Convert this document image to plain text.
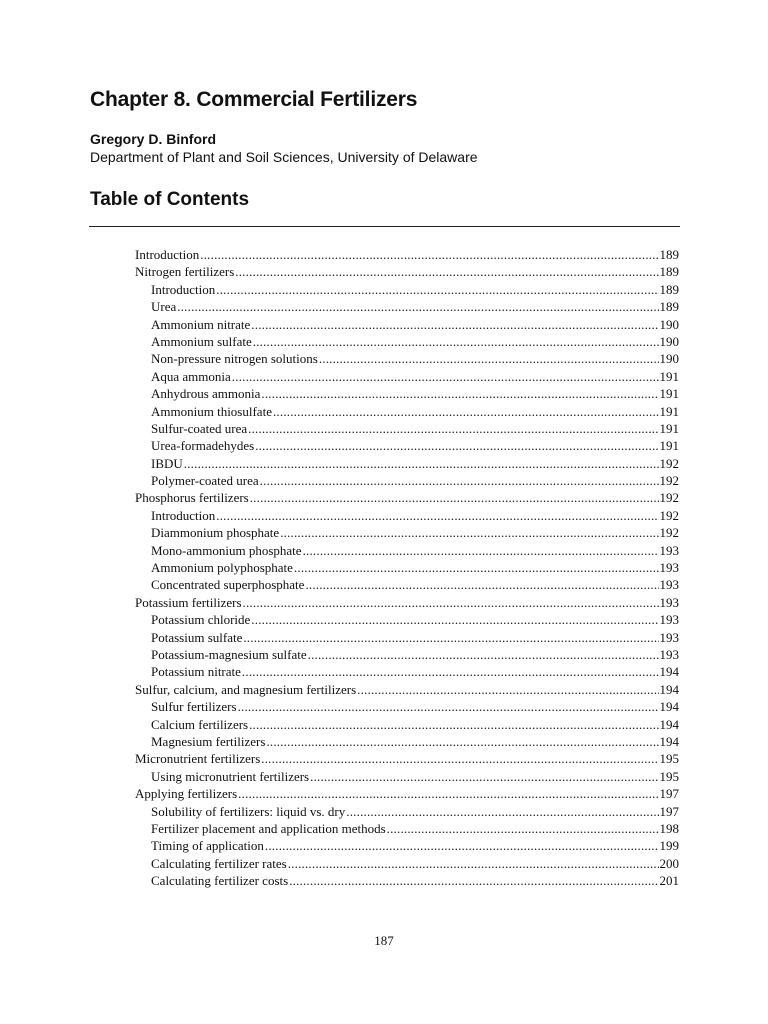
Chapter 8. Commercial Fertilizers

Gregory D. Binford

Department of Plant and Soil Sciences, University of Delaware

Table of Contents
Introduction .....	189
Nitrogen fertilizers .....	189
Introduction .....	189
Urea .....	189
Ammonium nitrate .....	190
Ammonium sulfate .....	190
Non-pressure nitrogen solutions .....	190
Aqua ammonia .....	191
Anhydrous ammonia .....	191
Ammonium thiosulfate .....	191
Sulfur-coated urea .....	191
Urea-formadehydes .....	191
IBDU .....	192
Polymer-coated urea .....	192
Phosphorus fertilizers .....	192
Introduction .....	192
Diammonium phosphate .....	192
Mono-ammonium phosphate .....	193
Ammonium polyphosphate .....	193
Concentrated superphosphate .....	193
Potassium fertilizers .....	193
Potassium chloride .....	193
Potassium sulfate .....	193
Potassium-magnesium sulfate .....	193
Potassium nitrate .....	194
Sulfur, calcium, and magnesium fertilizers .....	194
Sulfur fertilizers .....	194
Calcium fertilizers .....	194
Magnesium fertilizers .....	194
Micronutrient fertilizers .....	195
Using micronutrient fertilizers .....	195
Applying fertilizers .....	197
Solubility of fertilizers: liquid vs. dry .....	197
Fertilizer placement and application methods .....	198
Timing of application .....	199
Calculating fertilizer rates .....	200
Calculating fertilizer costs .....	201

187
